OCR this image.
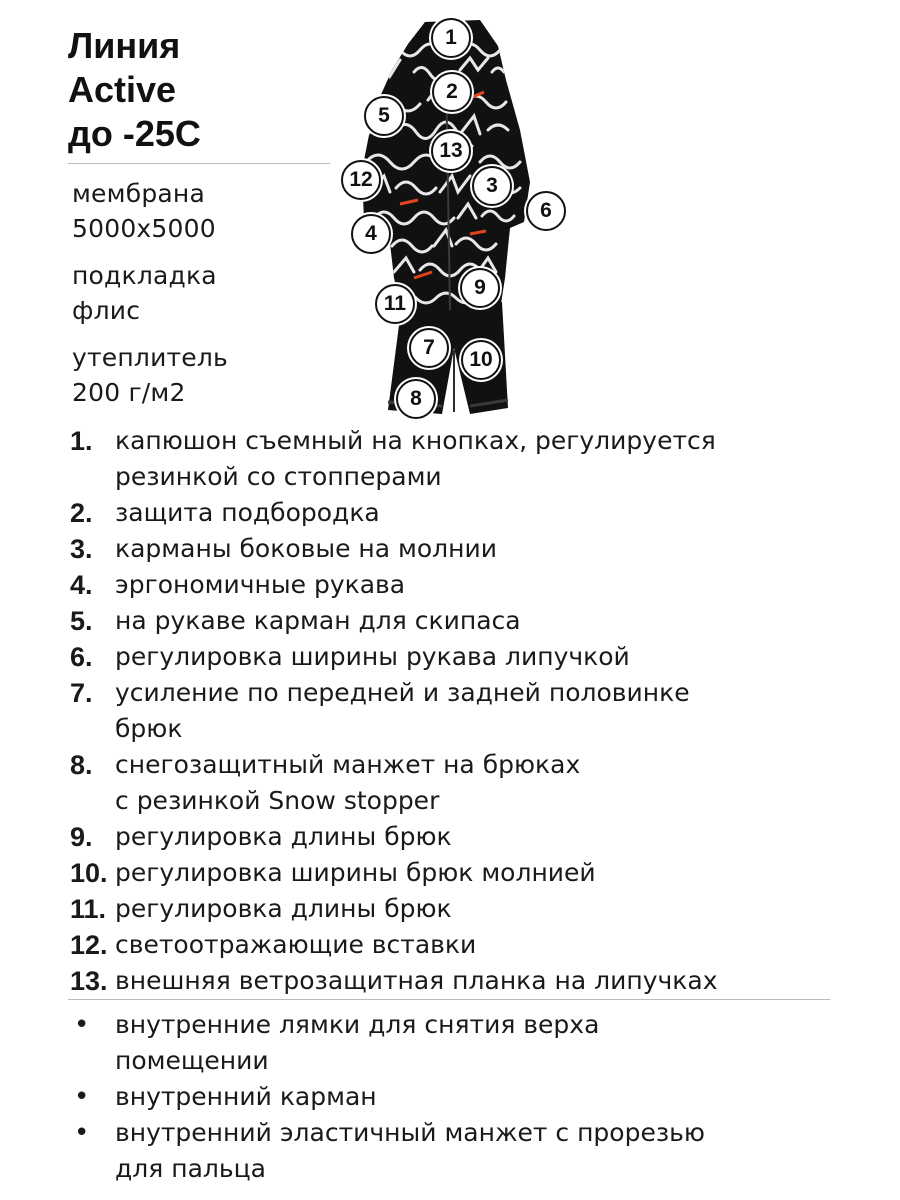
Линия
Active
до -25С
мембрана
5000х5000
подкладка
флис
утеплитель
200 г/м2
1
2
3
4
5
6
7
8
9
10
11
12
13
1. капюшон съемный на кнопках, регулируется
резинкой со стопперами
2. защита подбородка
3. карманы боковые на молнии
4. эргономичные рукава
5. на рукаве карман для скипаса
6. регулировка ширины рукава липучкой
7. усиление по передней и задней половинке
брюк
8. снегозащитный манжет на брюках
с резинкой Snow stopper
9. регулировка длины брюк
10. регулировка ширины брюк молнией
11. регулировка длины брюк
12. светоотражающие вставки
13. внешняя ветрозащитная планка на липучках
• внутренние лямки для снятия верха
помещении
• внутренний карман
• внутренний эластичный манжет с прорезью
для пальца
